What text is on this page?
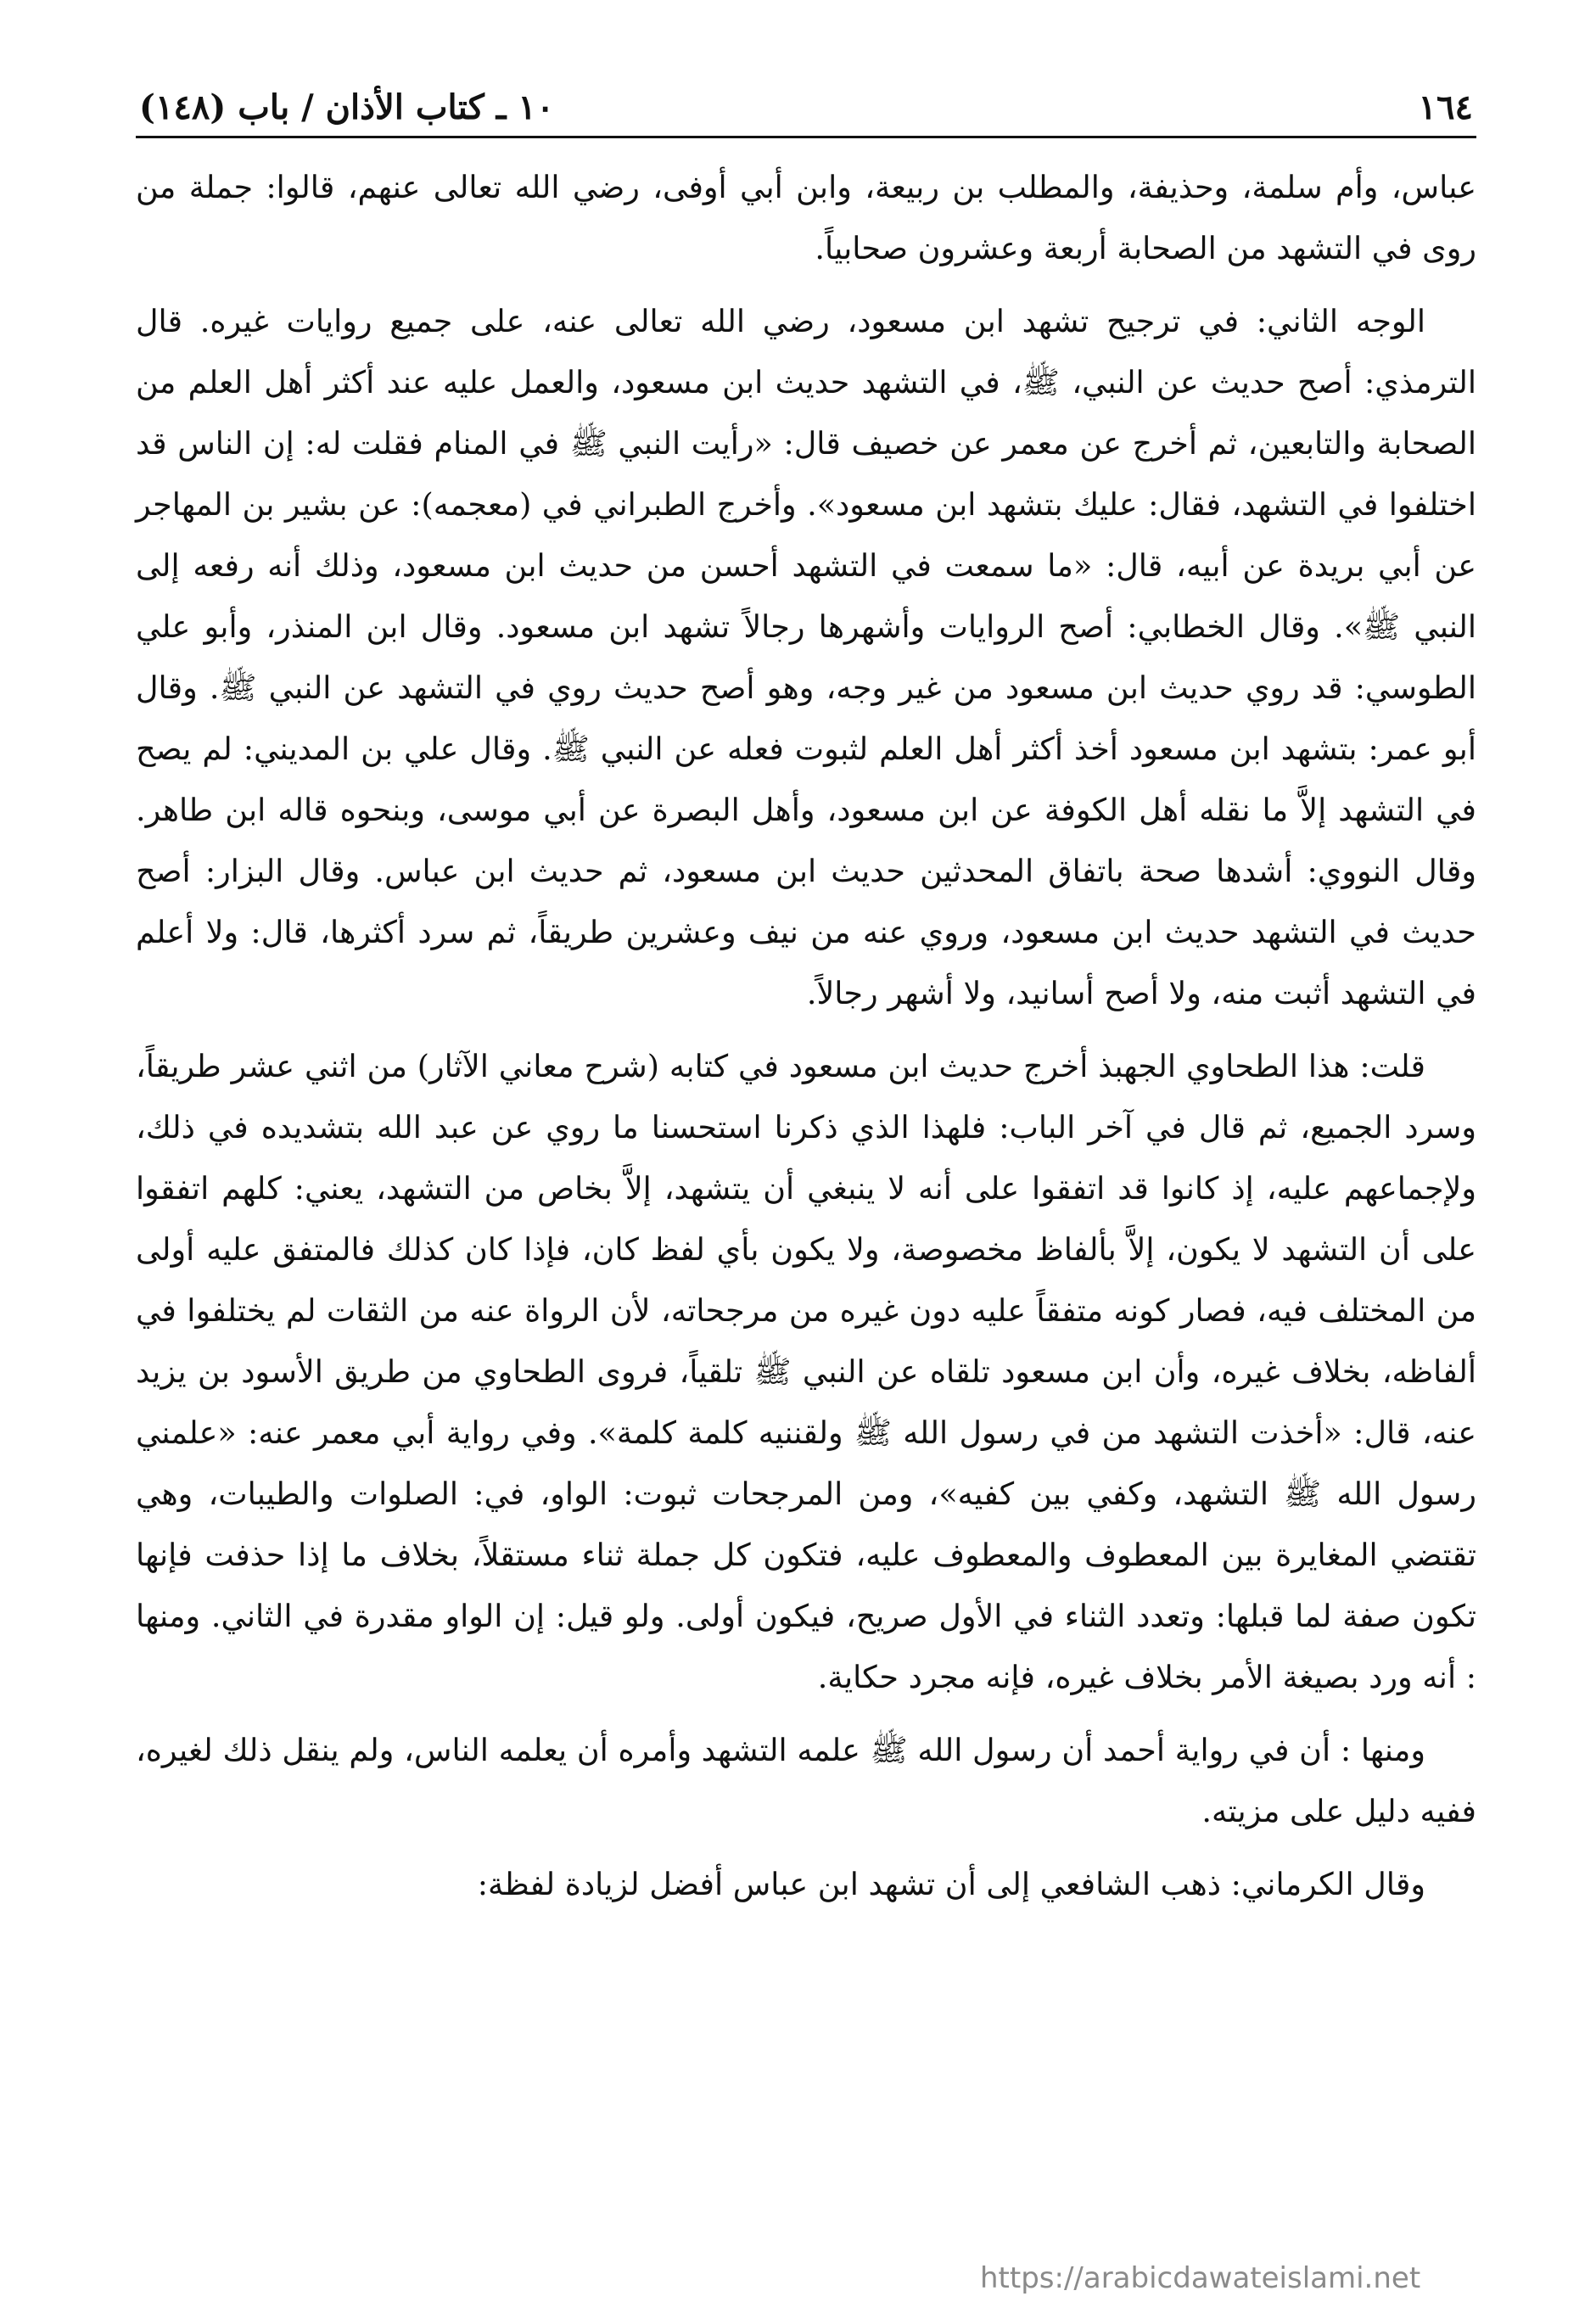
١٦٤
١٠ ـ كتاب الأذان / باب (١٤٨)

عباس، وأم سلمة، وحذيفة، والمطلب بن ربيعة، وابن أبي أوفى، رضي الله تعالى عنهم، قالوا: جملة من روى في التشهد من الصحابة أربعة وعشرون صحابياً.

الوجه الثاني: في ترجيح تشهد ابن مسعود، رضي الله تعالى عنه، على جميع روايات غيره. قال الترمذي: أصح حديث عن النبي، ﷺ، في التشهد حديث ابن مسعود، والعمل عليه عند أكثر أهل العلم من الصحابة والتابعين، ثم أخرج عن معمر عن خصيف قال: «رأيت النبي ﷺ في المنام فقلت له: إن الناس قد اختلفوا في التشهد، فقال: عليك بتشهد ابن مسعود». وأخرج الطبراني في (معجمه): عن بشير بن المهاجر عن أبي بريدة عن أبيه، قال: «ما سمعت في التشهد أحسن من حديث ابن مسعود، وذلك أنه رفعه إلى النبي ﷺ». وقال الخطابي: أصح الروايات وأشهرها رجالاً تشهد ابن مسعود. وقال ابن المنذر، وأبو علي الطوسي: قد روي حديث ابن مسعود من غير وجه، وهو أصح حديث روي في التشهد عن النبي ﷺ. وقال أبو عمر: بتشهد ابن مسعود أخذ أكثر أهل العلم لثبوت فعله عن النبي ﷺ. وقال علي بن المديني: لم يصح في التشهد إلاَّ ما نقله أهل الكوفة عن ابن مسعود، وأهل البصرة عن أبي موسى، وبنحوه قاله ابن طاهر. وقال النووي: أشدها صحة باتفاق المحدثين حديث ابن مسعود، ثم حديث ابن عباس. وقال البزار: أصح حديث في التشهد حديث ابن مسعود، وروي عنه من نيف وعشرين طريقاً، ثم سرد أكثرها، قال: ولا أعلم في التشهد أثبت منه، ولا أصح أسانيد، ولا أشهر رجالاً.

قلت: هذا الطحاوي الجهبذ أخرج حديث ابن مسعود في كتابه (شرح معاني الآثار) من اثني عشر طريقاً، وسرد الجميع، ثم قال في آخر الباب: فلهذا الذي ذكرنا استحسنا ما روي عن عبد الله بتشديده في ذلك، ولإجماعهم عليه، إذ كانوا قد اتفقوا على أنه لا ينبغي أن يتشهد، إلاَّ بخاص من التشهد، يعني: كلهم اتفقوا على أن التشهد لا يكون، إلاَّ بألفاظ مخصوصة، ولا يكون بأي لفظ كان، فإذا كان كذلك فالمتفق عليه أولى من المختلف فيه، فصار كونه متفقاً عليه دون غيره من مرجحاته، لأن الرواة عنه من الثقات لم يختلفوا في ألفاظه، بخلاف غيره، وأن ابن مسعود تلقاه عن النبي ﷺ تلقياً، فروى الطحاوي من طريق الأسود بن يزيد عنه، قال: «أخذت التشهد من في رسول الله ﷺ ولقننيه كلمة كلمة». وفي رواية أبي معمر عنه: «علمني رسول الله ﷺ التشهد، وكفي بين كفيه»، ومن المرجحات ثبوت: الواو، في: الصلوات والطيبات، وهي تقتضي المغايرة بين المعطوف والمعطوف عليه، فتكون كل جملة ثناء مستقلاً، بخلاف ما إذا حذفت فإنها تكون صفة لما قبلها: وتعدد الثناء في الأول صريح، فيكون أولى. ولو قيل: إن الواو مقدرة في الثاني. ومنها : أنه ورد بصيغة الأمر بخلاف غيره، فإنه مجرد حكاية.

ومنها : أن في رواية أحمد أن رسول الله ﷺ علمه التشهد وأمره أن يعلمه الناس، ولم ينقل ذلك لغيره، ففيه دليل على مزيته.

وقال الكرماني: ذهب الشافعي إلى أن تشهد ابن عباس أفضل لزيادة لفظة:

https://arabicdawateislami.net
